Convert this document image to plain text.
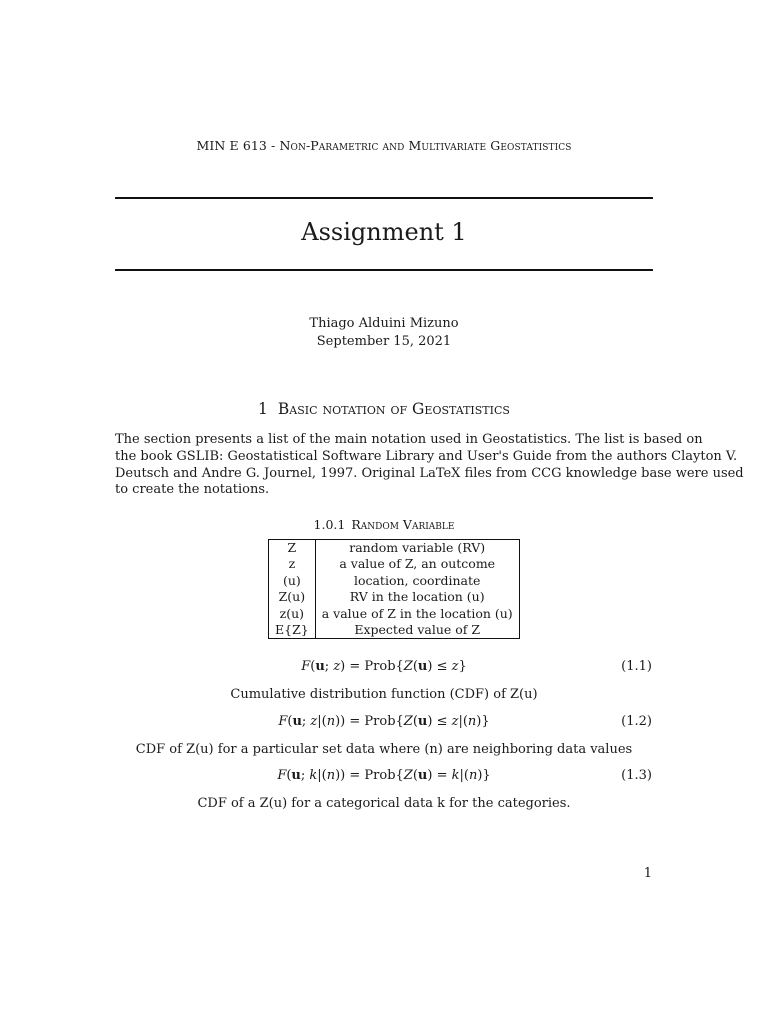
MIN E 613 - Non-Parametric and Multivariate Geostatistics
Assignment 1
Thiago Alduini Mizuno
September 15, 2021
1 Basic notation of Geostatistics
The section presents a list of the main notation used in Geostatistics. The list is based on
the book GSLIB: Geostatistical Software Library and User's Guide from the authors Clayton V.
Deutsch and Andre G. Journel, 1997. Original LaTeX files from CCG knowledge base were used
to create the notations.
1.0.1 Random Variable
Z	random variable (RV)
z	a value of Z, an outcome
(u)	location, coordinate
Z(u)	RV in the location (u)
z(u)	a value of Z in the location (u)
E{Z}	Expected value of Z
F(u; z) = Prob{Z(u) ≤ z}	(1.1)
Cumulative distribution function (CDF) of Z(u)
F(u; z|(n)) = Prob{Z(u) ≤ z|(n)}	(1.2)
CDF of Z(u) for a particular set data where (n) are neighboring data values
F(u; k|(n)) = Prob{Z(u) = k|(n)}	(1.3)
CDF of a Z(u) for a categorical data k for the categories.
1
